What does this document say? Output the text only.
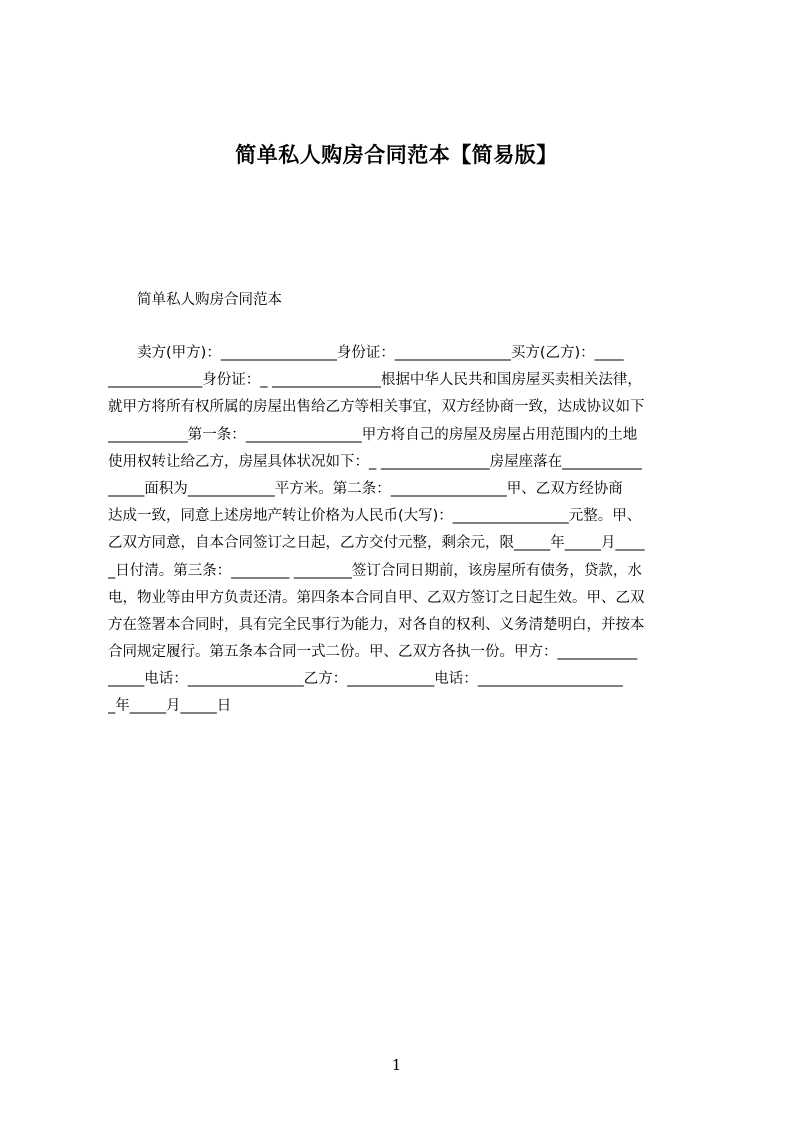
简单私人购房合同范本【简易版】
简单私人购房合同范本
卖方(甲方)：________________身份证：________________买方(乙方)：____
_____________身份证：_ _______________根据中华人民共和国房屋买卖相关法律，
就甲方将所有权所属的房屋出售给乙方等相关事宜，双方经协商一致，达成协议如下
___________第一条：________________甲方将自己的房屋及房屋占用范围内的土地
使用权转让给乙方，房屋具体状况如下：_ _______________房屋座落在___________
_____面积为____________平方米。第二条：________________甲、乙双方经协商
达成一致，同意上述房地产转让价格为人民币(大写)：________________元整。甲、
乙双方同意，自本合同签订之日起，乙方交付元整，剩余元，限_____年_____月____
_日付清。第三条：________ ________签订合同日期前，该房屋所有债务，贷款，水
电，物业等由甲方负责还清。第四条本合同自甲、乙双方签订之日起生效。甲、乙双
方在签署本合同时，具有完全民事行为能力，对各自的权利、义务清楚明白，并按本
合同规定履行。第五条本合同一式二份。甲、乙双方各执一份。甲方：___________
_____电话：________________乙方：____________电话：____________________
_年_____月_____日
1
